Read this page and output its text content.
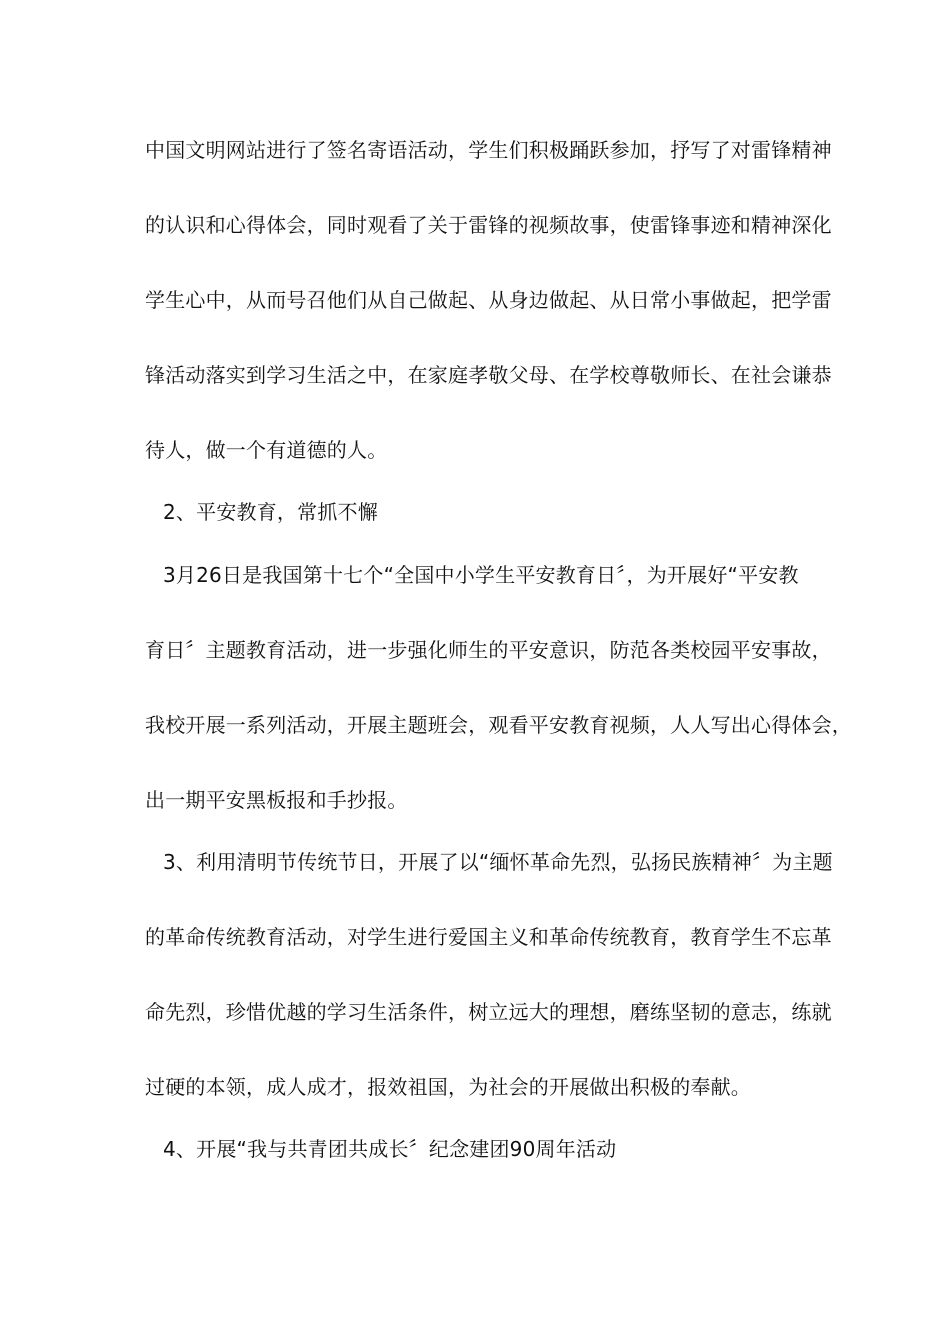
中国文明网站进行了签名寄语活动，学生们积极踊跃参加，抒写了对雷锋精神
的认识和心得体会，同时观看了关于雷锋的视频故事，使雷锋事迹和精神深化
学生心中，从而号召他们从自己做起、从身边做起、从日常小事做起，把学雷
锋活动落实到学习生活之中，在家庭孝敬父母、在学校尊敬师长、在社会谦恭
待人，做一个有道德的人。
2、平安教育，常抓不懈
3月26日是我国第十七个“全国中小学生平安教育日〞，为开展好“平安教
育日〞主题教育活动，进一步强化师生的平安意识，防范各类校园平安事故，
我校开展一系列活动，开展主题班会，观看平安教育视频，人人写出心得体会，
出一期平安黑板报和手抄报。
3、利用清明节传统节日，开展了以“缅怀革命先烈，弘扬民族精神〞为主题
的革命传统教育活动，对学生进行爱国主义和革命传统教育，教育学生不忘革
命先烈，珍惜优越的学习生活条件，树立远大的理想，磨练坚韧的意志，练就
过硬的本领，成人成才，报效祖国，为社会的开展做出积极的奉献。
4、开展“我与共青团共成长〞纪念建团90周年活动
